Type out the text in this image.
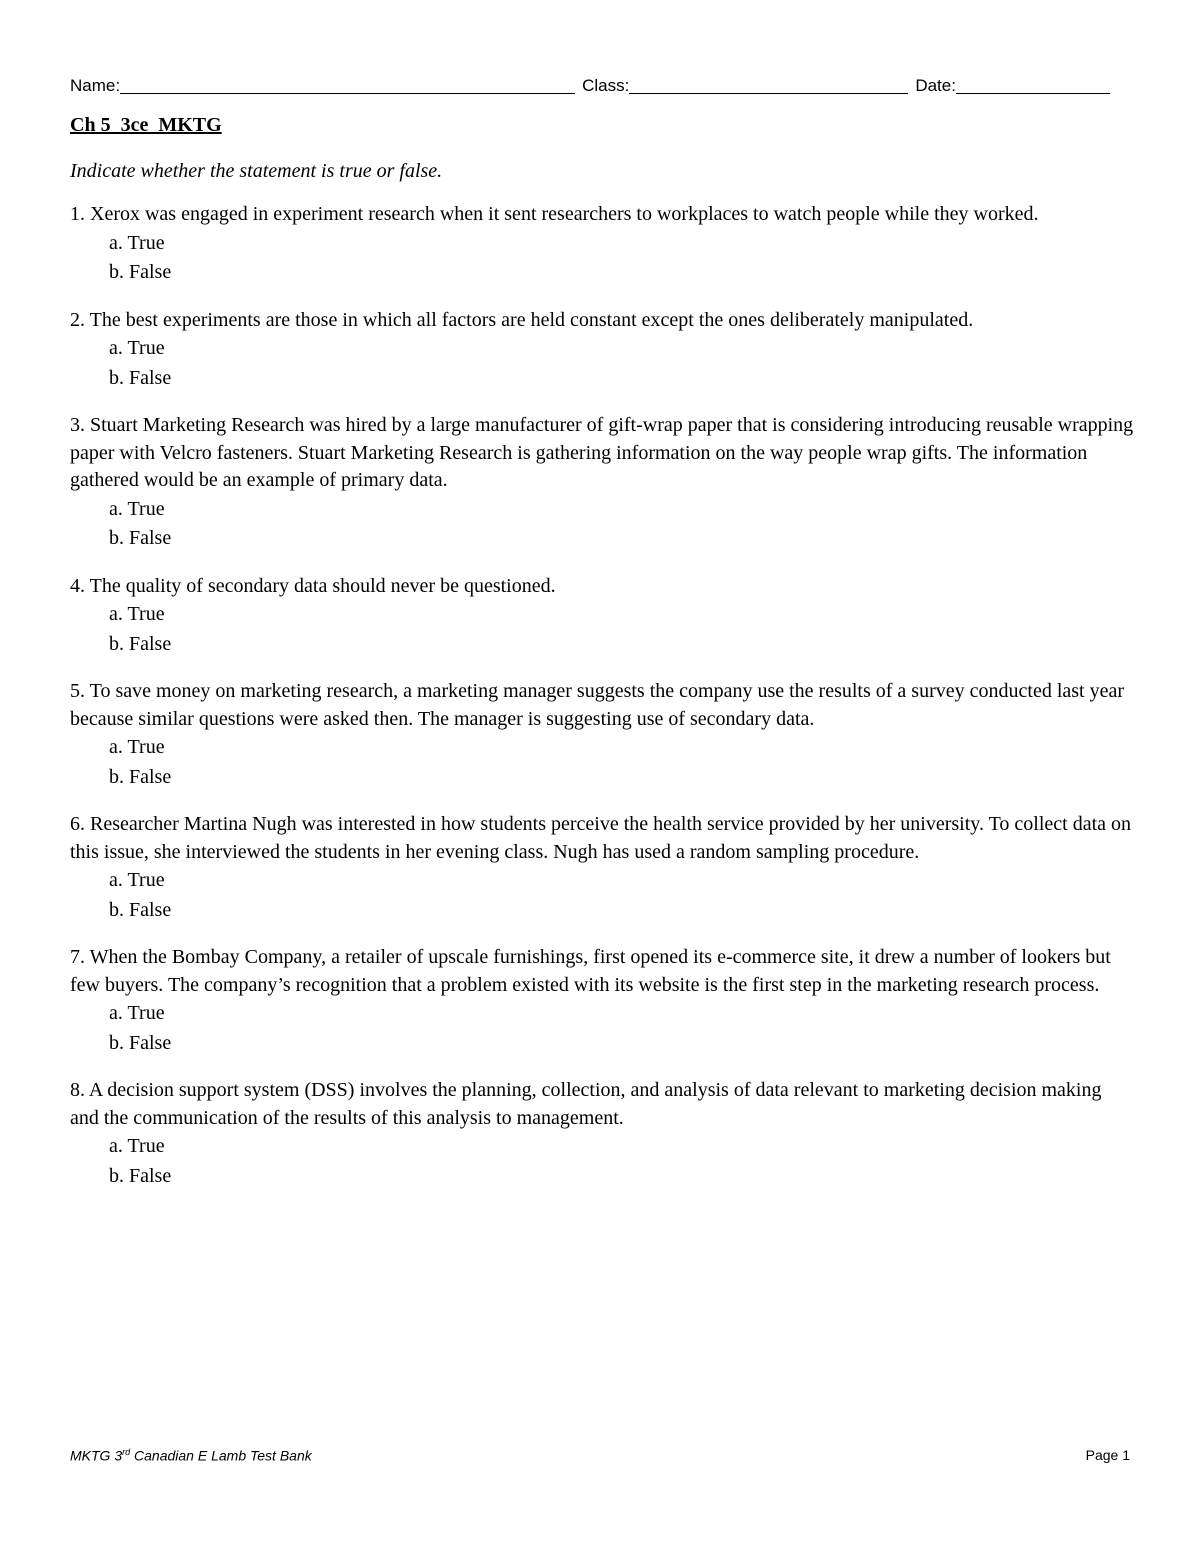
Name:	Class:	Date:
Ch 5  3ce  MKTG
Indicate whether the statement is true or false.

1. Xerox was engaged in experiment research when it sent researchers to workplaces to watch people while they worked.

a. True
b. False

2. The best experiments are those in which all factors are held constant except the ones deliberately manipulated.

a. True
b. False

3. Stuart Marketing Research was hired by a large manufacturer of gift-wrap paper that is considering introducing reusable wrapping paper with Velcro fasteners. Stuart Marketing Research is gathering information on the way people wrap gifts. The information gathered would be an example of primary data.

a. True
b. False

4. The quality of secondary data should never be questioned.

a. True
b. False

5. To save money on marketing research, a marketing manager suggests the company use the results of a survey conducted last year because similar questions were asked then. The manager is suggesting use of secondary data.

a. True
b. False

6. Researcher Martina Nugh was interested in how students perceive the health service provided by her university. To collect data on this issue, she interviewed the students in her evening class. Nugh has used a random sampling procedure.

a. True
b. False

7. When the Bombay Company, a retailer of upscale furnishings, first opened its e-commerce site, it drew a number of lookers but few buyers. The company’s recognition that a problem existed with its website is the first step in the marketing research process.

a. True
b. False

8. A decision support system (DSS) involves the planning, collection, and analysis of data relevant to marketing decision making and the communication of the results of this analysis to management.

a. True
b. False
MKTG 3rd Canadian E Lamb Test Bank	Page 1
